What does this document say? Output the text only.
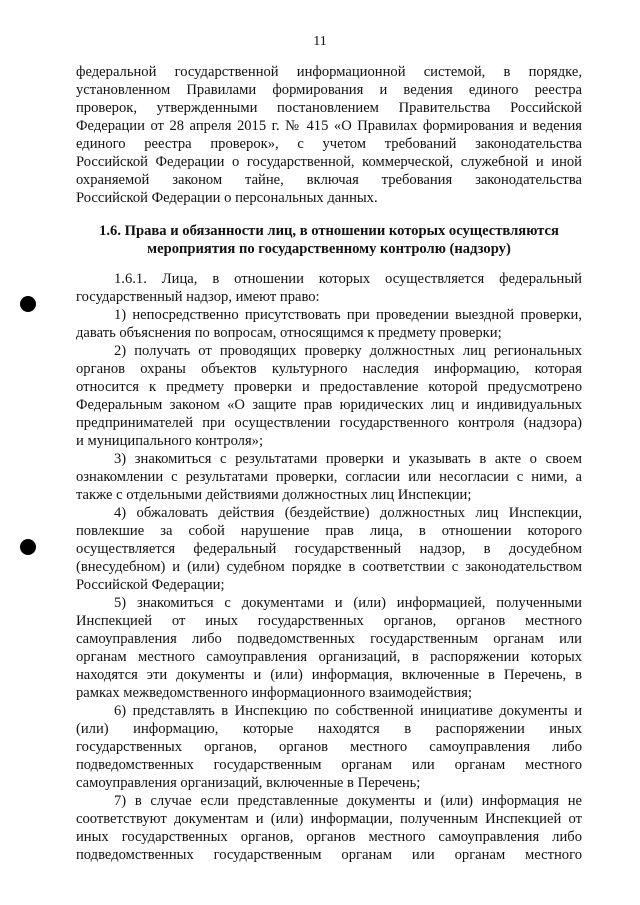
11
федеральной государственной информационной системой, в порядке,
установленном Правилами формирования и ведения единого реестра
проверок, утвержденными постановлением Правительства Российской
Федерации от 28 апреля 2015 г. № 415 «О Правилах формирования и ведения
единого реестра проверок», с учетом требований законодательства
Российской Федерации о государственной, коммерческой, служебной и иной
охраняемой законом тайне, включая требования законодательства
Российской Федерации о персональных данных.
1.6. Права и обязанности лиц, в отношении которых осуществляются
мероприятия по государственному контролю (надзору)
1.6.1. Лица, в отношении которых осуществляется федеральный
государственный надзор, имеют право:
1) непосредственно присутствовать при проведении выездной проверки,
давать объяснения по вопросам, относящимся к предмету проверки;
2) получать от проводящих проверку должностных лиц региональных
органов охраны объектов культурного наследия информацию, которая
относится к предмету проверки и предоставление которой предусмотрено
Федеральным законом «О защите прав юридических лиц и индивидуальных
предпринимателей при осуществлении государственного контроля (надзора)
и муниципального контроля»;
3) знакомиться с результатами проверки и указывать в акте о своем
ознакомлении с результатами проверки, согласии или несогласии с ними, а
также с отдельными действиями должностных лиц Инспекции;
4) обжаловать действия (бездействие) должностных лиц Инспекции,
повлекшие за собой нарушение прав лица, в отношении которого
осуществляется федеральный государственный надзор, в досудебном
(внесудебном) и (или) судебном порядке в соответствии с законодательством
Российской Федерации;
5) знакомиться с документами и (или) информацией, полученными
Инспекцией от иных государственных органов, органов местного
самоуправления либо подведомственных государственным органам или
органам местного самоуправления организаций, в распоряжении которых
находятся эти документы и (или) информация, включенные в Перечень, в
рамках межведомственного информационного взаимодействия;
6) представлять в Инспекцию по собственной инициативе документы и
(или) информацию, которые находятся в распоряжении иных
государственных органов, органов местного самоуправления либо
подведомственных государственным органам или органам местного
самоуправления организаций, включенные в Перечень;
7) в случае если представленные документы и (или) информация не
соответствуют документам и (или) информации, полученным Инспекцией от
иных государственных органов, органов местного самоуправления либо
подведомственных государственным органам или органам местного
